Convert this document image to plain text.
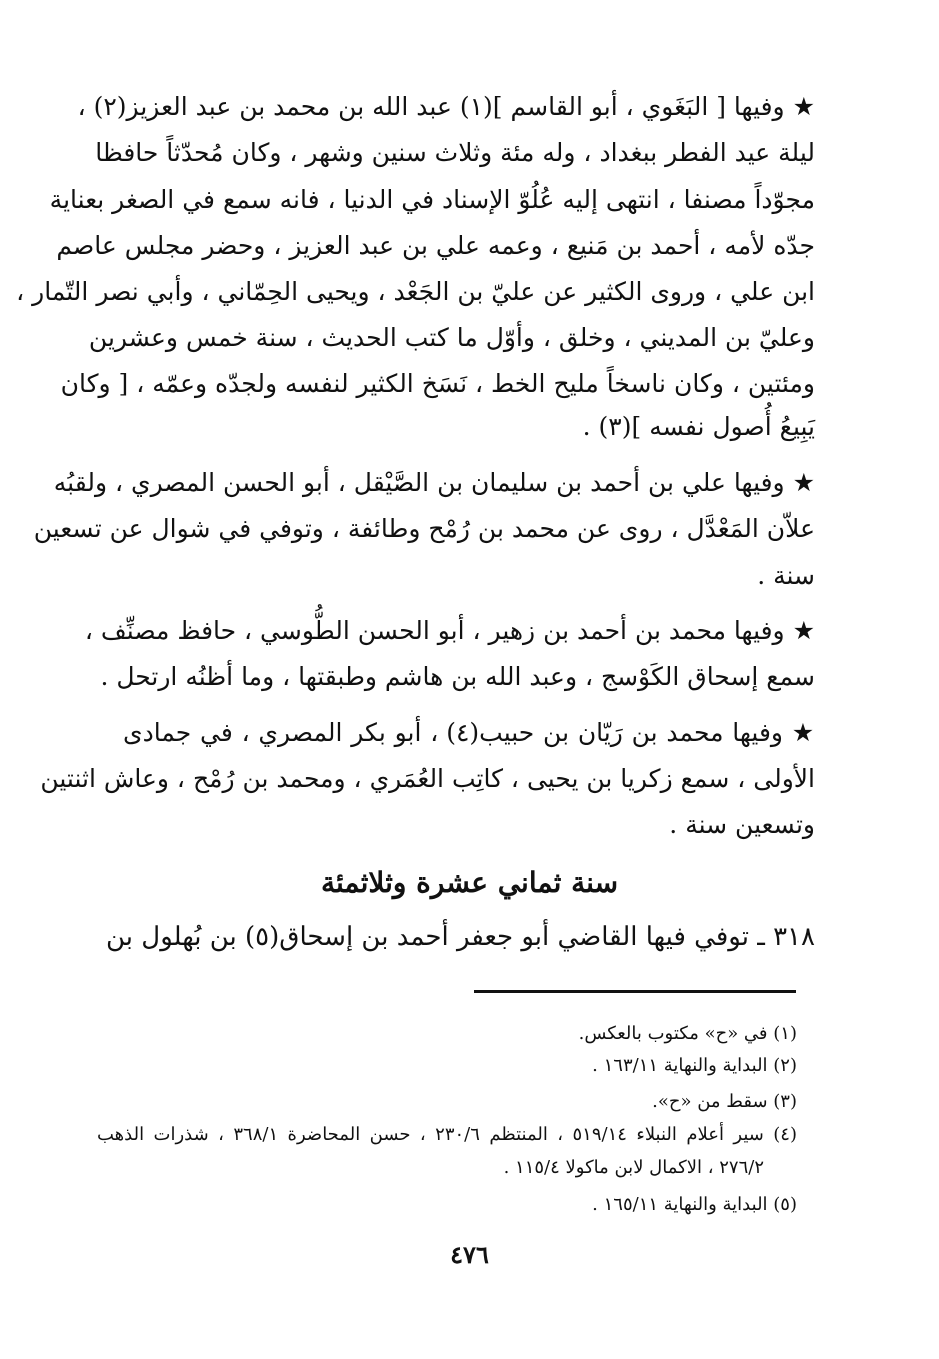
★ وفيها [ البَغَوي ، أبو القاسم ](١) عبد الله بن محمد بن عبد العزيز(٢) ،
ليلة عيد الفطر ببغداد ، وله مئة وثلاث سنين وشهر ، وكان مُحدّثاً حافظا
مجوّداً مصنفا ، انتهى إليه عُلُوّ الإسناد في الدنيا ، فانه سمع في الصغر بعناية
جدّه لأمه ، أحمد بن مَنيع ، وعمه علي بن عبد العزيز ، وحضر مجلس عاصم
ابن علي ، وروى الكثير عن عليّ بن الجَعْد ، ويحيى الحِمّاني ، وأبي نصر التّمار ،
وعليّ بن المديني ، وخلق ، وأوّل ما كتب الحديث ، سنة خمس وعشرين
ومئتين ، وكان ناسخاً مليح الخط ، نَسَخ الكثير لنفسه ولجدّه وعمّه ، [ وكان
يَبِيعُ أُصول نفسه ](٣) .
★ وفيها علي بن أحمد بن سليمان بن الصَّيْقل ، أبو الحسن المصري ، ولقبُه
علاّن المَعْدَّل ، روى عن محمد بن رُمْح وطائفة ، وتوفي في شوال عن تسعين
سنة .
★ وفيها محمد بن أحمد بن زهير ، أبو الحسن الطُّوسي ، حافظ مصنِّف ،
سمع إسحاق الكَوْسج ، وعبد الله بن هاشم وطبقتها ، وما أظنُه ارتحل .
★ وفيها محمد بن رَيّان بن حبيب(٤) ، أبو بكر المصري ، في جمادى
الأولى ، سمع زكريا بن يحيى ، كاتِب العُمَري ، ومحمد بن رُمْح ، وعاش اثنتين
وتسعين سنة .
سنة ثماني عشرة وثلاثمئة
٣١٨ ـ توفي فيها القاضي أبو جعفر أحمد بن إسحاق(٥) بن بُهلول بن
(١) في «ح» مكتوب بالعكس.
(٢) البداية والنهاية ١٦٣/١١ .
(٣) سقط من «ح».
(٤) سير أعلام النبلاء ٥١٩/١٤ ، المنتظم ٢٣٠/٦ ، حسن المحاضرة ٣٦٨/١ ، شذرات الذهب
٢٧٦/٢ ، الاكمال لابن ماكولا ١١٥/٤ .
(٥) البداية والنهاية ١٦٥/١١ .
٤٧٦
